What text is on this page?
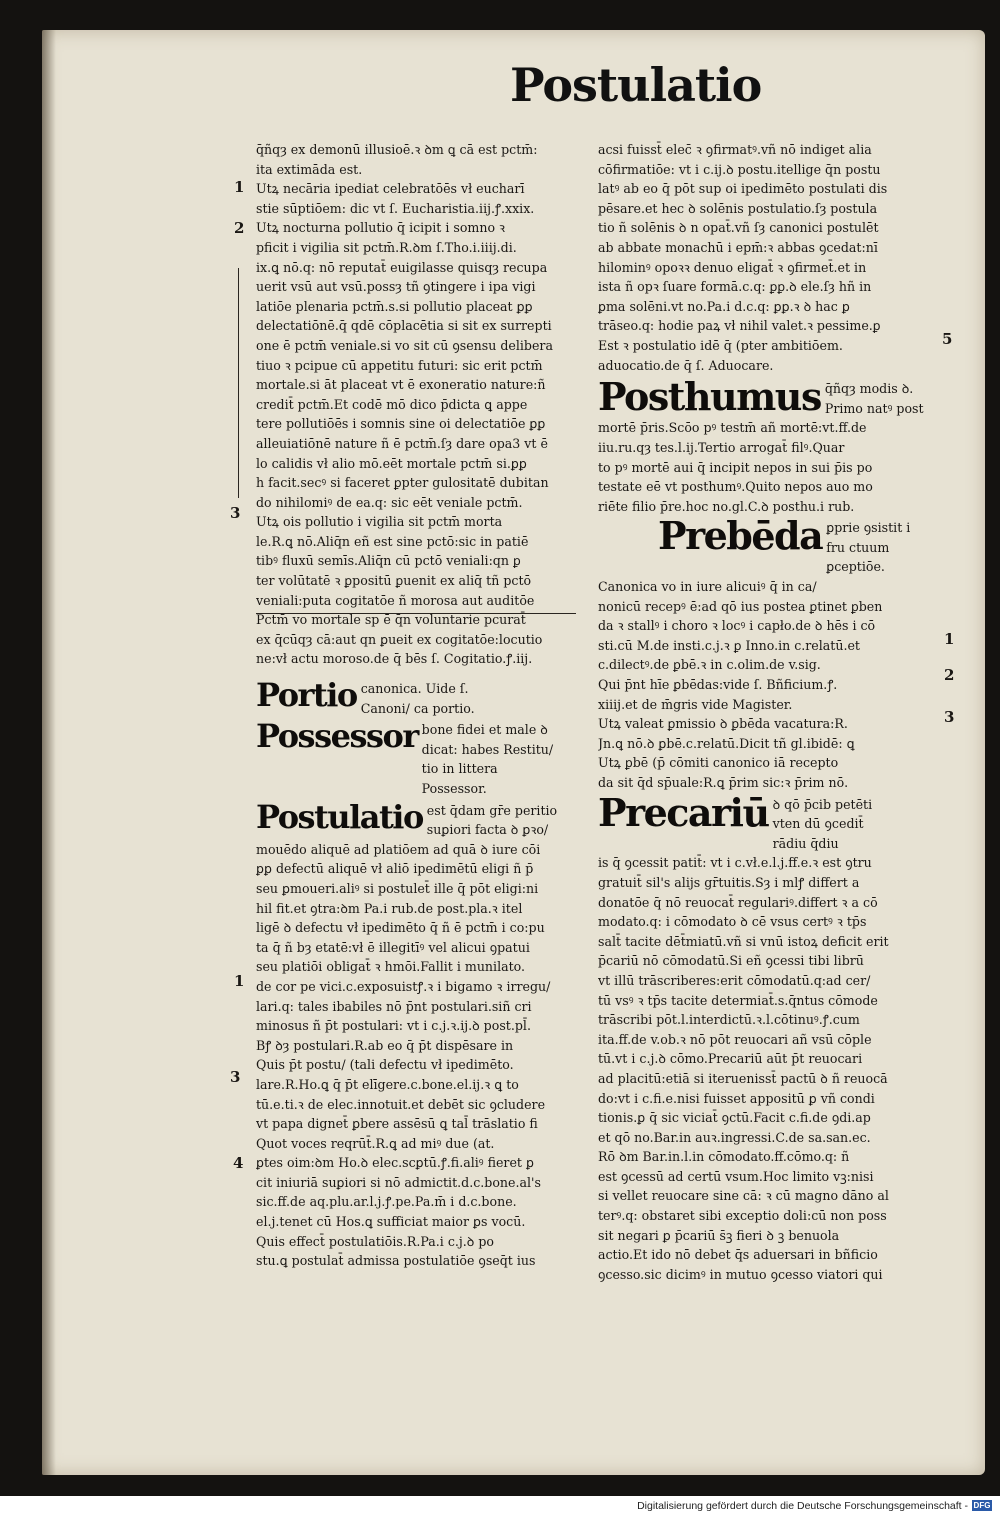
Postulatio
1
2
3
1
3
4
5
1
2
3
q̄ñqȝ ex demonū illusioē.ꝛ ꝺm ꝗ cā est pctm̄:
ita extimāda est.
Utꝝ necāria ipediat celebratōēs vł eucharī
stie sūptiōem: dic vt ſ. Eucharistia.iij.ꝭ.xxix.
Utꝝ nocturna pollutio q̄ icipit i somno ꝛ
pficit i vigilia sit pctm̄.R.ꝺm ſ.Tho.i.iiij.di.
ix.ꝗ nō.q: nō reputat̄ euigilasse quisqȝ recupa
uerit vsū aut vsū.possȝ tñ ꝯtingere i ipa vigi
latiōe plenaria pctm̄.s.si pollutio placeat ꝑꝑ
delectatiōnē.q̄ qdē cōplacētia si sit ex surrepti
one ē pctm̄ veniale.si vo sit cū ꝯsensu delibera
tiuo ꝛ pcipue cū appetitu futuri: sic erit pctm̄
mortale.si āt placeat vt ē exoneratio nature:ñ
credit̄ pctm̄.Et codē mō dico p̄dicta ꝗ appe
tere pollutiōēs i somnis sine oi delectatiōe ꝑꝑ
alleuiatiōnē nature ñ ē pctm̄.ſȝ dare opa3 vt ē
lo calidis vł alio mō.eēt mortale pctm̄ si.ꝑꝑ
h facit.secꝰ si faceret ꝑpter gulositatē dubitan
do nihilomiꝰ de ea.q: sic eēt veniale pctm̄.
Utꝝ ois pollutio i vigilia sit pctm̄ morta
le.R.ꝗ nō.Aliq̄n eñ est sine pctō:sic in patiē
tibꝰ fluxū semīs.Aliq̄n cū pctō veniali:qn ꝑ
ter volūtatē ꝛ ꝑpositū ꝑuenit ex aliq̄ tñ pctō
veniali:puta cogitatōe ñ morosa aut auditōe
Pctm̄ vo mortale sp ē q̄n voluntarie pcurat̄
ex q̄cūqȝ cā:aut qn ꝑueit ex cogitatōe:locutio
ne:vł actu moroso.de q̄ bēs ſ. Cogitatio.ꝭ.iij.
Portio canonica. Uide ſ. Canoni/ ca portio.
Possessor bone fidei et male ꝺ dicat: habes Restitu/ tio in littera Possessor.
Postulatio est q̄dam gr̄e peritio suꝑiori facta ꝺ ꝑꝛo/
mouēdo aliquē ad platiōem ad quā ꝺ iure cōi
ꝑꝑ defectū aliquē vł aliō ipedimētū eligi ñ p̄
seu ꝑmoueri.aliꝰ si postulet̄ ille q̄ pōt eligi:ni
hil fit.et ꝯtra:ꝺm Pa.i rub.de post.pla.ꝛ itel
ligē ꝺ defectu vł ipedimēto q̄ ñ ē pctm̄ i co:pu
ta q̄ ñ bȝ etatē:vł ē illegitīꝰ vel alicui ꝯpatui
seu platiōi obligat̄ ꝛ hmōi.Fallit i munilato.
de cor pe vici.c.exposuistꝭ.ꝛ i bigamo ꝛ irregu/
lari.q: tales ibabiles nō p̄nt postulari.siñ cri
minosus ñ p̄t postulari: vt i c.j.ꝛ.ij.ꝺ post.pl̄.
Bꝭ ꝺȝ postulari.R.ab eo q̄ p̄t dispēsare in
Quis p̄t postu/ (tali defectu vł ipedimēto.
lare.R.Ho.ꝗ q̄ p̄t elīgere.c.bone.el.ij.ꝛ ꝗ to
tū.e.ti.ꝛ de elec.innotuit.et debēt sic ꝯcludere
vt papa dignet̄ ꝑbere assēsū ꝗ tal̄ trāslatio fi
Quot voces reqrūt̄.R.ꝗ ad miꝰ due (at.
ꝑtes oim:ꝺm Ho.ꝺ elec.scꝑtū.ꝭ.fi.aliꝰ fieret ꝑ
cit iniuriā suꝑiori si nō admictit.d.c.bone.al's
sic.ff.de aq.plu.ar.l.j.ꝭ.pe.Pa.m̄ i d.c.bone.
el.j.tenet cū Hos.ꝗ sufficiat maior ꝑs vocū.
Quis effect̄ postulatiōis.R.Pa.i c.j.ꝺ po
stu.ꝗ postulat̄ admissa postulatiōe ꝯseq̄t ius
acsi fuisst̄ elec̄ ꝛ ꝯfirmatꝰ.vñ nō indiget alia
cōfirmatiōe: vt i c.ij.ꝺ postu.itellige q̄n postu
latꝰ ab eo q̄ pōt sup oi ipedimēto postulati dis
pēsare.et hec ꝺ solēnis postulatio.ſȝ postula
tio ñ solēnis ꝺ n opat̄.vñ ſȝ canonici postulēt
ab abbate monachū i epm̄:ꝛ abbas ꝯcedat:nī
hilominꝰ opoꝛꝛ denuo eligat̄ ꝛ ꝯfirmet̄.et in
ista ñ opꝛ ſuare formā.c.q: ꝑꝑ.ꝺ ele.ſȝ hñ in
ꝑma solēni.vt no.Pa.i d.c.q: ꝑꝑ.ꝛ ꝺ hac ꝑ
trāseo.q: hodie paꝝ vł nihil valet.ꝛ pessime.ꝑ
Est ꝛ postulatio idē q̄ (pter ambitiōem.
aduocatio.de q̄ ſ. Aduocare.
Posthumus q̄ñqȝ modis ꝺ. Primo natꝰ post
mortē p̄ris.Scōo pꝰ testm̄ añ mortē:vt.ff.de
iiu.ru.qȝ tes.l.ij.Tertio arrogat̄ filꝰ.Quar
to pꝰ mortē aui q̄ incipit nepos in sui p̄is po
testate eē vt posthumꝰ.Quito nepos auo mo
riēte filio p̄re.hoc no.gl.C.ꝺ posthu.i rub.
Prebēda ꝑprie ꝯsistit i fru ctuum ꝑceptiōe.
Canonica vo in iure alicuiꝰ q̄ in ca/
nonicū recepꝰ ē:ad qō ius postea ꝑtinet ꝑben
da ꝛ stallꝰ i choro ꝛ locꝰ i capło.de ꝺ hēs i cō
sti.cū M.de insti.c.j.ꝛ ꝑ Inno.in c.relatū.et
c.dilectꝰ.de ꝑbē.ꝛ in c.olim.de v.sig.
Qui p̄nt hīe ꝑbēdas:vide ſ. Bñficium.ꝭ.
xiiij.et de m̄gris vide Magister.
Utꝝ valeat ꝑmissio ꝺ ꝑbēda vacatura:R.
Jn.ꝗ nō.ꝺ ꝑbē.c.relatū.Dicit tñ gl.ibidē: ꝗ
Utꝝ ꝑbē (p̄ cōmiti canonico iā recepto
da sit q̄d sp̄uale:R.ꝗ p̄rim sic:ꝛ p̄rim nō.
Precariū ꝺ qō p̄cib petēti vten dū ꝯcedit̄ rādiu q̄diu
is q̄ ꝯcessit patit̄: vt i c.vł.e.l.j.ff.e.ꝛ est ꝯtru
gratuit̄ sil's alijs gr̄tuitis.Sȝ i mlꝭ differt a
donatōe q̄ nō reuocat̄ regulariꝰ.differt ꝛ a cō
modato.q: i cōmodato ꝺ cē vsus certꝰ ꝛ tp̄s
salt̄ tacite dēt̄miatū.vñ si vnū istoꝝ deficit erit
p̄cariū nō cōmodatū.Si eñ ꝯcessi tibi librū
vt illū trāscriberes:erit cōmodatū.q:ad cer/
tū vsꝰ ꝛ tp̄s tacite determiat̄.s.q̄ntus cōmode
trāscribi pōt.l.interdictū.ꝛ.l.cōtinuꝰ.ꝭ.cum
ita.ff.de v.ob.ꝛ nō pōt reuocari añ vsū cōple
tū.vt i c.j.ꝺ cōmo.Precariū aūt p̄t reuocari
ad placitū:etiā si iteruenisst̄ pactū ꝺ ñ reuocā
do:vt i c.fi.e.nisi fuisset appositū ꝑ vñ condi
tionis.ꝑ q̄ sic viciat̄ ꝯctū.Facit c.fi.de ꝯdi.ap
et qō no.Bar.in auꝛ.ingressi.C.de sa.san.ec.
Rō ꝺm Bar.in.l.in cōmodato.ff.cōmo.q: ñ
est ꝯcessū ad certū vsum.Hoc limito vꝫ:nisi
si vellet reuocare sine cā: ꝛ cū magno dāno al
terꝰ.q: obstaret sibi exceptio doli:cū non poss
sit negari ꝑ p̄cariū s̄ꝫ fieri ꝺ ꝫ benuola
actio.Et ido nō debet q̄s aduersari in bñficio
ꝯcesso.sic dicimꝰ in mutuo ꝯcesso viatori qui
Digitalisierung gefördert durch die Deutsche Forschungsgemeinschaft - DFG
